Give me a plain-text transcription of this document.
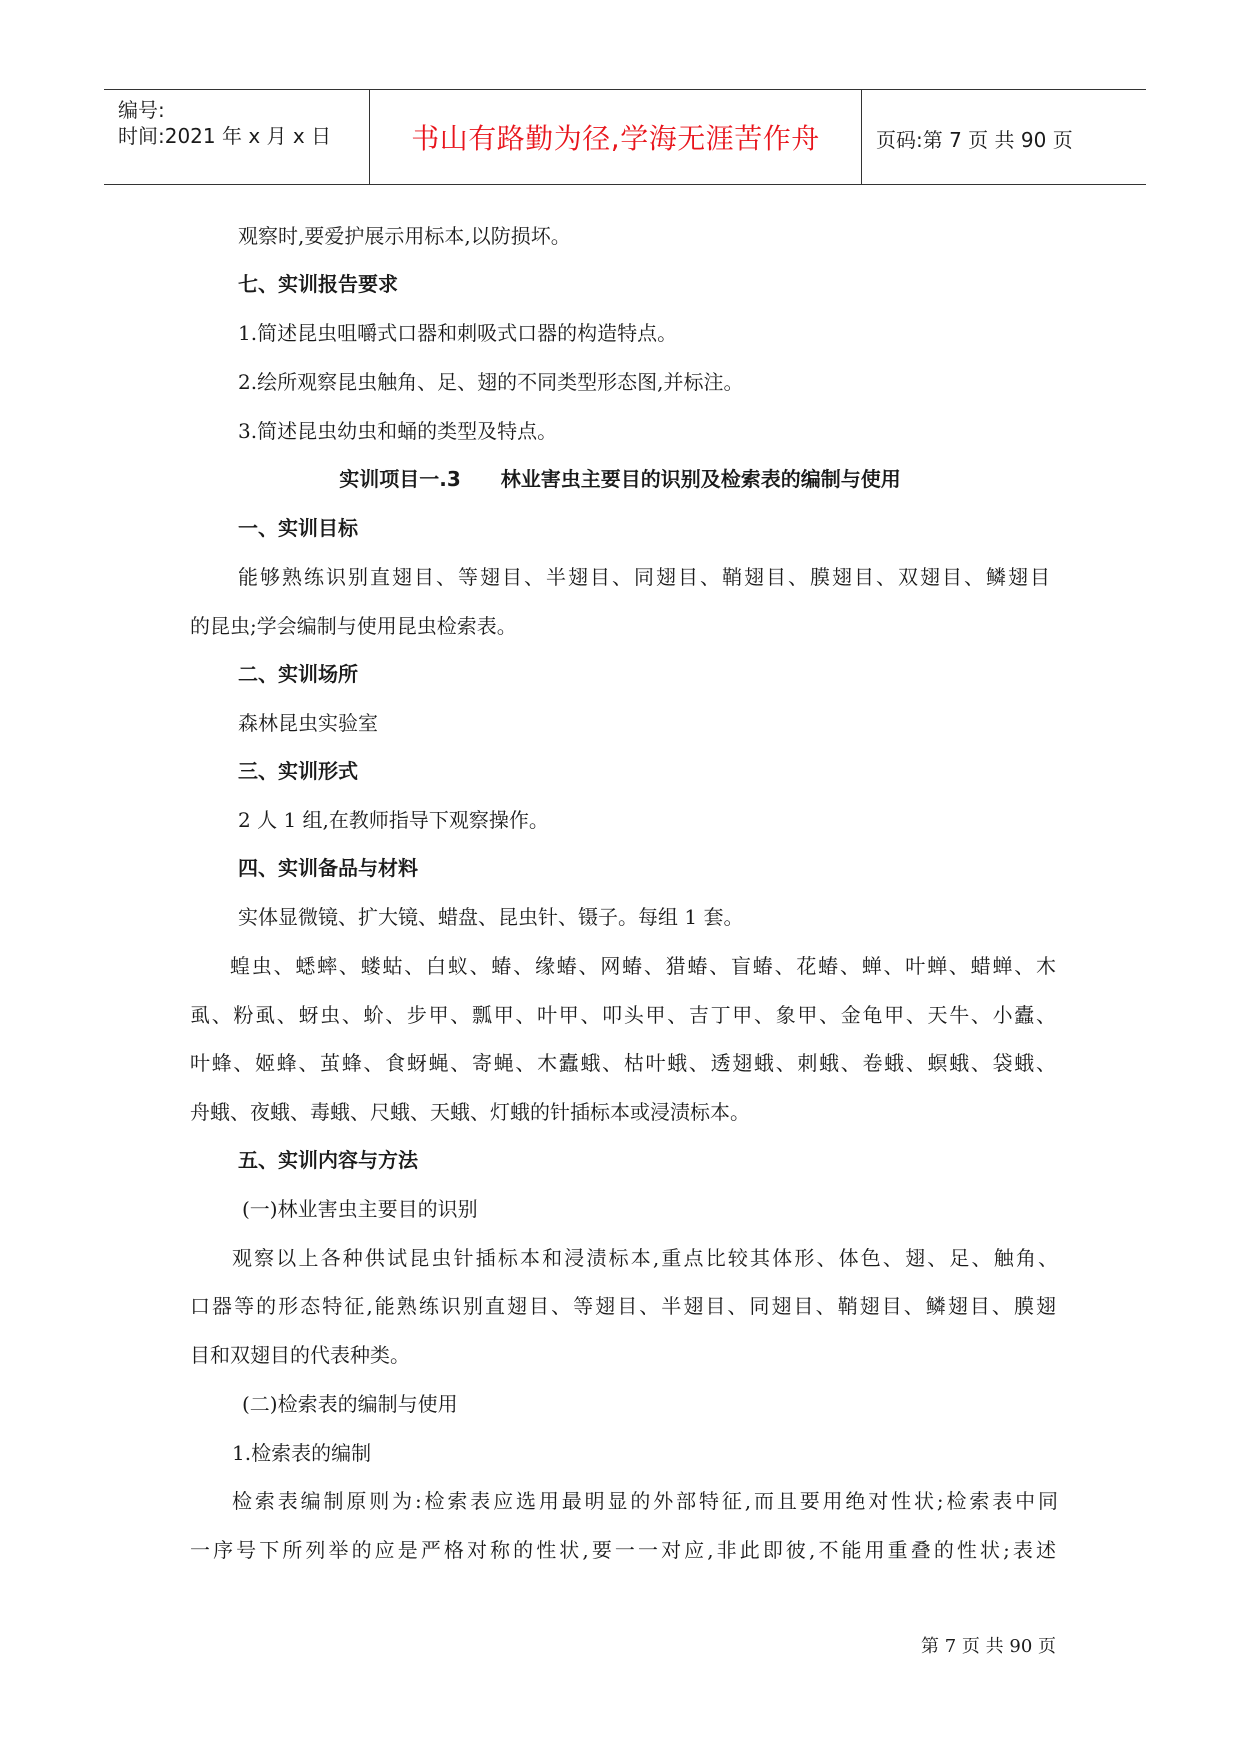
编号:
时间:2021 年 x 月 x 日	书山有路勤为径,学海无涯苦作舟	页码:第 7 页 共 90 页
观察时,要爱护展示用标本,以防损坏。
七、实训报告要求
1.简述昆虫咀嚼式口器和刺吸式口器的构造特点。
2.绘所观察昆虫触角、足、翅的不同类型形态图,并标注。
3.简述昆虫幼虫和蛹的类型及特点。
实训项目一.3　　林业害虫主要目的识别及检索表的编制与使用
一、实训目标
能够熟练识别直翅目、等翅目、半翅目、同翅目、鞘翅目、膜翅目、双翅目、鳞翅目
的昆虫;学会编制与使用昆虫检索表。
二、实训场所
森林昆虫实验室
三、实训形式
2 人 1 组,在教师指导下观察操作。
四、实训备品与材料
实体显微镜、扩大镜、蜡盘、昆虫针、镊子。每组 1 套。
蝗虫、蟋蟀、蝼蛄、白蚁、蝽、缘蝽、网蝽、猎蝽、盲蝽、花蝽、蝉、叶蝉、蜡蝉、木
虱、粉虱、蚜虫、蚧、步甲、瓢甲、叶甲、叩头甲、吉丁甲、象甲、金龟甲、天牛、小蠹、
叶蜂、姬蜂、茧蜂、食蚜蝇、寄蝇、木蠹蛾、枯叶蛾、透翅蛾、刺蛾、卷蛾、螟蛾、袋蛾、
舟蛾、夜蛾、毒蛾、尺蛾、天蛾、灯蛾的针插标本或浸渍标本。
五、实训内容与方法
(一)林业害虫主要目的识别
观察以上各种供试昆虫针插标本和浸渍标本,重点比较其体形、体色、翅、足、触角、
口器等的形态特征,能熟练识别直翅目、等翅目、半翅目、同翅目、鞘翅目、鳞翅目、膜翅
目和双翅目的代表种类。
(二)检索表的编制与使用
1.检索表的编制
检索表编制原则为:检索表应选用最明显的外部特征,而且要用绝对性状;检索表中同
一序号下所列举的应是严格对称的性状,要一一对应,非此即彼,不能用重叠的性状;表述
第 7 页 共 90 页
